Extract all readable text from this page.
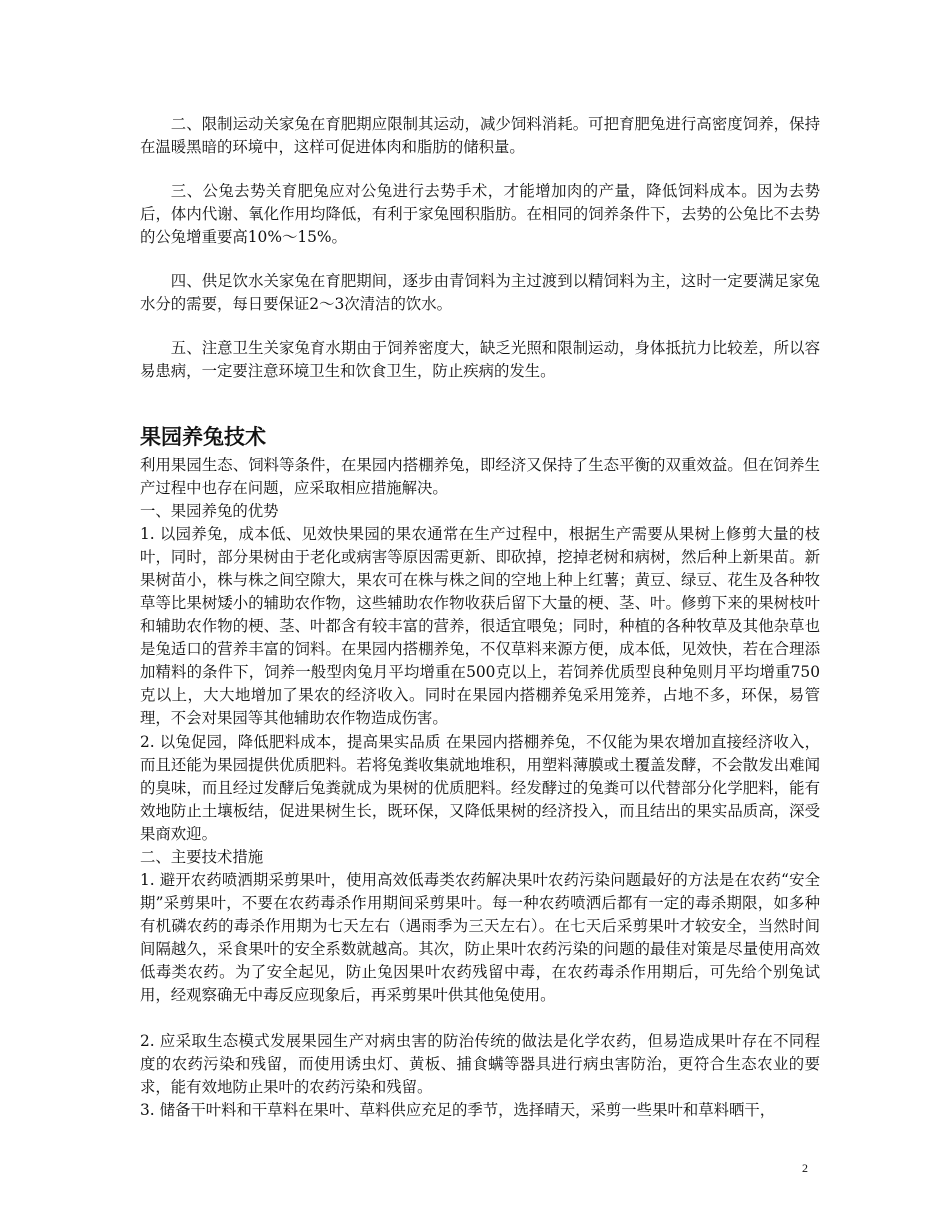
二、限制运动关家兔在育肥期应限制其运动，减少饲料消耗。可把育肥兔进行高密度饲养，保持在温暖黑暗的环境中，这样可促进体肉和脂肪的储积量。

三、公兔去势关育肥兔应对公兔进行去势手术，才能增加肉的产量，降低饲料成本。因为去势后，体内代谢、氧化作用均降低，有利于家兔囤积脂肪。在相同的饲养条件下，去势的公兔比不去势的公兔增重要高10%～15%。

四、供足饮水关家兔在育肥期间，逐步由青饲料为主过渡到以精饲料为主，这时一定要满足家兔水分的需要，每日要保证2～3次清洁的饮水。

五、注意卫生关家兔育水期由于饲养密度大，缺乏光照和限制运动，身体抵抗力比较差，所以容易患病，一定要注意环境卫生和饮食卫生，防止疾病的发生。

果园养兔技术

利用果园生态、饲料等条件，在果园内搭棚养兔，即经济又保持了生态平衡的双重效益。但在饲养生产过程中也存在问题，应采取相应措施解决。

一、果园养兔的优势

1. 以园养兔，成本低、见效快果园的果农通常在生产过程中，根据生产需要从果树上修剪大量的枝叶，同时，部分果树由于老化或病害等原因需更新、即砍掉，挖掉老树和病树，然后种上新果苗。新果树苗小，株与株之间空隙大，果农可在株与株之间的空地上种上红薯；黄豆、绿豆、花生及各种牧草等比果树矮小的辅助农作物，这些辅助农作物收获后留下大量的梗、茎、叶。修剪下来的果树枝叶和辅助农作物的梗、茎、叶都含有较丰富的营养，很适宜喂兔；同时，种植的各种牧草及其他杂草也是兔适口的营养丰富的饲料。在果园内搭棚养兔，不仅草料来源方便，成本低，见效快，若在合理添加精料的条件下，饲养一般型肉兔月平均增重在500克以上，若饲养优质型良种兔则月平均增重750克以上，大大地增加了果农的经济收入。同时在果园内搭棚养兔采用笼养，占地不多，环保，易管理，不会对果园等其他辅助农作物造成伤害。

2. 以兔促园，降低肥料成本，提高果实品质 在果园内搭棚养兔，不仅能为果农增加直接经济收入，而且还能为果园提供优质肥料。若将兔粪收集就地堆积，用塑料薄膜或土覆盖发酵，不会散发出难闻的臭味，而且经过发酵后兔粪就成为果树的优质肥料。经发酵过的兔粪可以代替部分化学肥料，能有效地防止土壤板结，促进果树生长，既环保，又降低果树的经济投入，而且结出的果实品质高，深受果商欢迎。

二、主要技术措施

1. 避开农药喷洒期采剪果叶，使用高效低毒类农药解决果叶农药污染问题最好的方法是在农药“安全期”采剪果叶，不要在农药毒杀作用期间采剪果叶。每一种农药喷洒后都有一定的毒杀期限，如多种有机磷农药的毒杀作用期为七天左右（遇雨季为三天左右）。在七天后采剪果叶才较安全，当然时间间隔越久，采食果叶的安全系数就越高。其次，防止果叶农药污染的问题的最佳对策是尽量使用高效低毒类农药。为了安全起见，防止兔因果叶农药残留中毒，在农药毒杀作用期后，可先给个别兔试用，经观察确无中毒反应现象后，再采剪果叶供其他兔使用。

2. 应采取生态模式发展果园生产对病虫害的防治传统的做法是化学农药，但易造成果叶存在不同程度的农药污染和残留，而使用诱虫灯、黄板、捕食螨等器具进行病虫害防治，更符合生态农业的要求，能有效地防止果叶的农药污染和残留。

3. 储备干叶料和干草料在果叶、草料供应充足的季节，选择晴天，采剪一些果叶和草料晒干，

2
